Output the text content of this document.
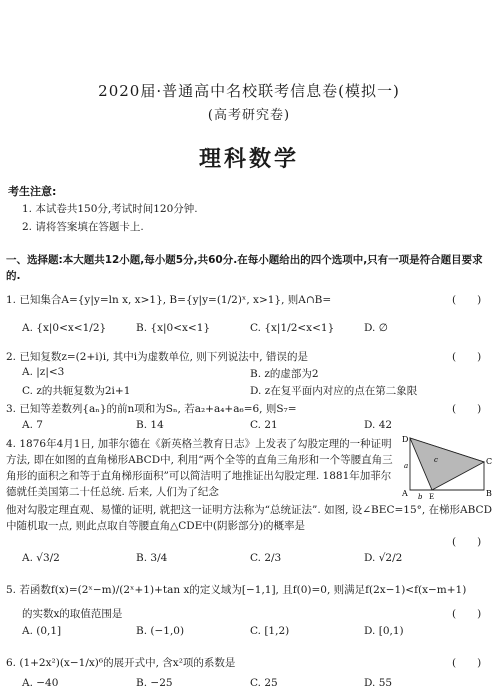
2020届·普通高中名校联考信息卷(模拟一)
(高考研究卷)
理科数学
考生注意:
1. 本试卷共150分,考试时间120分钟.
2. 请将答案填在答题卡上.
一、选择题:本大题共12小题,每小题5分,共60分.在每小题给出的四个选项中,只有一项是符合题目要求的.
1. 已知集合A={y|y=ln x, x>1}, B={y|y=(1/2)ˣ, x>1}, 则A∩B=	(　　)
A. {x|0<x<1/2}	B. {x|0<x<1}	C. {x|1/2<x<1}	D. ∅
2. 已知复数z=(2+i)i, 其中i为虚数单位, 则下列说法中, 错误的是	(　　)
A. |z|<3	B. z的虚部为2
C. z的共轭复数为2i+1	D. z在复平面内对应的点在第二象限
3. 已知等差数列{aₙ}的前n项和为Sₙ, 若a₂+a₄+a₆=6, 则S₇=	(　　)
A. 7	B. 14	C. 21	D. 42
4. 1876年4月1日, 加菲尔德在《新英格兰教育日志》上发表了勾股定理的一种证明方法, 即在如图的直角梯形ABCD中, 利用“两个全等的直角三角形和一个等腰直角三角形的面积之和等于直角梯形面积”可以简洁明了地推证出勾股定理. 1881年加菲尔德就任美国第二十任总统. 后来, 人们为了纪念
他对勾股定理直观、易懂的证明, 就把这一证明方法称为“总统证法”. 如图, 设∠BEC=15°, 在梯形ABCD中随机取一点, 则此点取自等腰直角△CDE中(阴影部分)的概率是
(　　)
A. √3/2	B. 3/4	C. 2/3	D. √2/2
D
C
A	B
E
a
b
c
5. 若函数f(x)=(2ˣ−m)/(2ˣ+1)+tan x的定义域为[−1,1], 且f(0)=0, 则满足f(2x−1)<f(x−m+1)
的实数x的取值范围是	(　　)
A. (0,1]	B. (−1,0)	C. [1,2)	D. [0,1)
6. (1+2x²)(x−1/x)⁶的展开式中, 含x²项的系数是	(　　)
A. −40	B. −25	C. 25	D. 55
